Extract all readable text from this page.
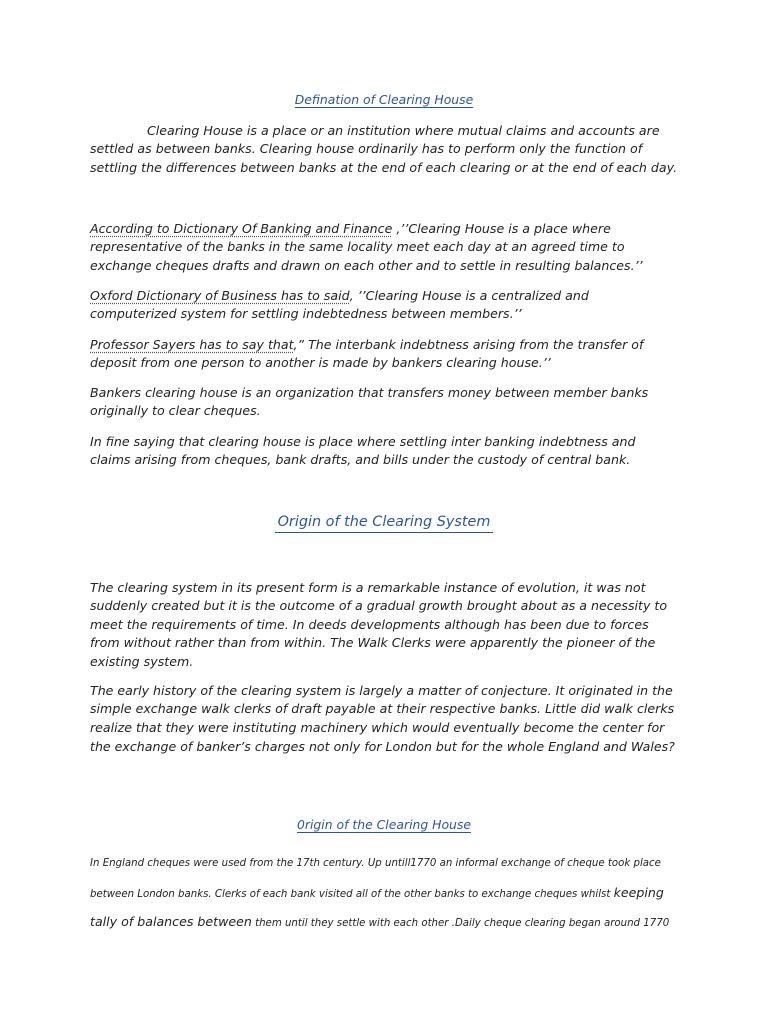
Defination of Clearing House

Clearing House is a place or an institution where mutual claims and accounts are

settled as between banks. Clearing house ordinarily has to perform only the function of

settling the differences between banks at the end of each clearing or at the end of each day.

According to Dictionary Of Banking and Finance ,’’Clearing House is a place where

representative of the banks in the same locality meet each day at an agreed time to

exchange cheques drafts and drawn on each other and to settle in resulting balances.’’

Oxford Dictionary of Business has to said, ’’Clearing House is a centralized and

computerized system for settling indebtedness between members.’’

Professor Sayers has to say that,” The interbank indebtness arising from the transfer of

deposit from one person to another is made by bankers clearing house.’’

Bankers clearing house is an organization that transfers money between member banks

originally to clear cheques.

In fine saying that clearing house is place where settling inter banking indebtness and

claims arising from cheques, bank drafts, and bills under the custody of central bank.

Origin of the Clearing System

The clearing system in its present form is a remarkable instance of evolution, it was not

suddenly created but it is the outcome of a gradual growth brought about as a necessity to

meet the requirements of time. In deeds developments although has been due to forces

from without rather than from within. The Walk Clerks were apparently the pioneer of the

existing system.

The early history of the clearing system is largely a matter of conjecture. It originated in the

simple exchange walk clerks of draft payable at their respective banks. Little did walk clerks

realize that they were instituting machinery which would eventually become the center for

the exchange of banker’s charges not only for London but for the whole England and Wales?

0rigin of the Clearing House

In England cheques were used from the 17th century. Up untill1770 an informal exchange of cheque took place

between London banks. Clerks of each bank visited all of the other banks to exchange cheques whilst keeping

tally of balances between them until they settle with each other .Daily cheque clearing began around 1770
